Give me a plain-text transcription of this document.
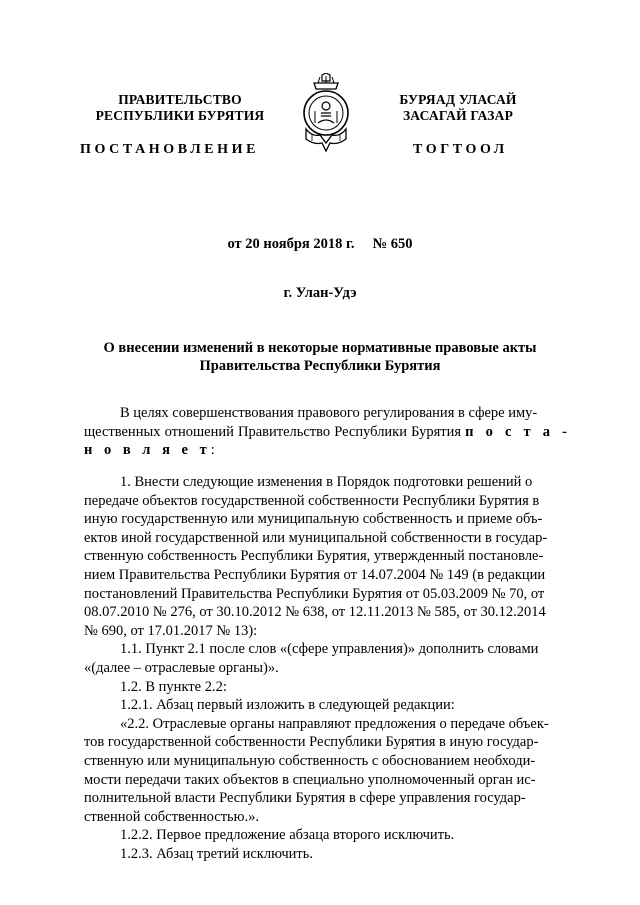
ПРАВИТЕЛЬСТВО
РЕСПУБЛИКИ БУРЯТИЯ
БУРЯАД УЛАСАЙ
ЗАСАГАЙ ГАЗАР
ПОСТАНОВЛЕНИЕ	ТОГТООЛ
от 20 ноября 2018 г. № 650
г. Улан-Удэ
О внесении изменений в некоторые нормативные правовые акты
Правительства Республики Бурятия
В целях совершенствования правового регулирования в сфере иму-
щественных отношений Правительство Республики Бурятия п о с т а -
н о в л я е т:
1. Внести следующие изменения в Порядок подготовки решений о
передаче объектов государственной собственности Республики Бурятия в
иную государственную или муниципальную собственность и приеме объ-
ектов иной государственной или муниципальной собственности в государ-
ственную собственность Республики Бурятия, утвержденный постановле-
нием Правительства Республики Бурятия от 14.07.2004 № 149 (в редакции
постановлений Правительства Республики Бурятия от 05.03.2009 № 70, от
08.07.2010 № 276, от 30.10.2012 № 638, от 12.11.2013 № 585, от 30.12.2014
№ 690, от 17.01.2017 № 13):
1.1. Пункт 2.1 после слов «(сфере управления)» дополнить словами
«(далее – отраслевые органы)».
1.2. В пункте 2.2:
1.2.1. Абзац первый изложить в следующей редакции:
«2.2. Отраслевые органы направляют предложения о передаче объек-
тов государственной собственности Республики Бурятия в иную государ-
ственную или муниципальную собственность с обоснованием необходи-
мости передачи таких объектов в специально уполномоченный орган ис-
полнительной власти Республики Бурятия в сфере управления государ-
ственной собственностью.».
1.2.2. Первое предложение абзаца второго исключить.
1.2.3. Абзац третий исключить.
